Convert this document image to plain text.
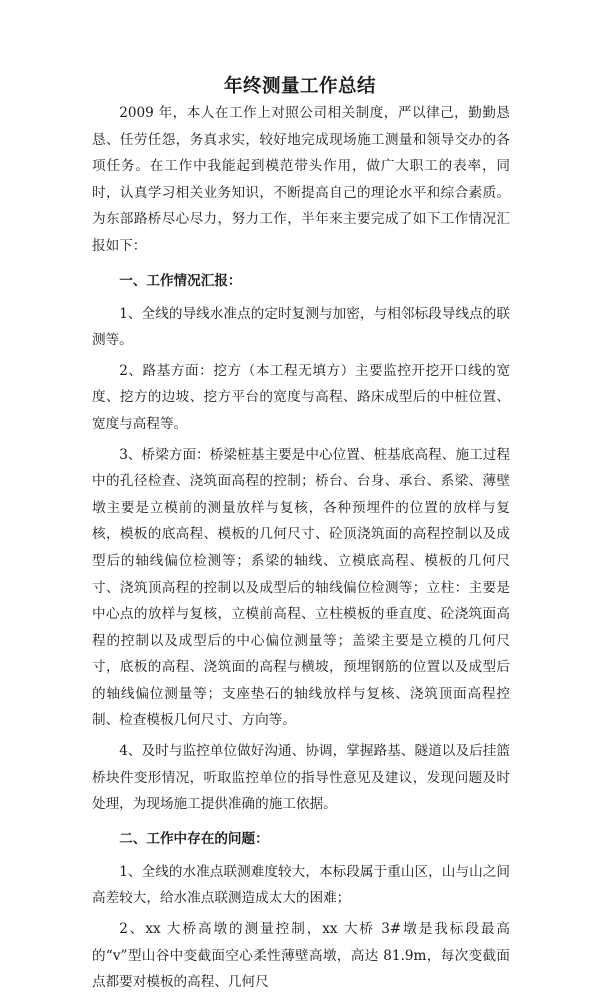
年终测量工作总结

2009 年，本人在工作上对照公司相关制度，严以律己，勤勤恳恳、任劳任怨，务真求实，较好地完成现场施工测量和领导交办的各项任务。在工作中我能起到模范带头作用，做广大职工的表率，同时，认真学习相关业务知识，不断提高自己的理论水平和综合素质。为东部路桥尽心尽力，努力工作，半年来主要完成了如下工作情况汇报如下：

一、工作情况汇报：

1、全线的导线水准点的定时复测与加密，与相邻标段导线点的联测等。

2、路基方面：挖方（本工程无填方）主要监控开挖开口线的宽度、挖方的边坡、挖方平台的宽度与高程、路床成型后的中桩位置、宽度与高程等。

3、桥梁方面：桥梁桩基主要是中心位置、桩基底高程、施工过程中的孔径检查、浇筑面高程的控制；桥台、台身、承台、系梁、薄壁墩主要是立模前的测量放样与复核，各种预埋件的位置的放样与复核，模板的底高程、模板的几何尺寸、砼顶浇筑面的高程控制以及成型后的轴线偏位检测等；系梁的轴线、立模底高程、模板的几何尺寸、浇筑顶高程的控制以及成型后的轴线偏位检测等；立柱：主要是中心点的放样与复核，立模前高程、立柱模板的垂直度、砼浇筑面高程的控制以及成型后的中心偏位测量等；盖梁主要是立模的几何尺寸，底板的高程、浇筑面的高程与横坡，预埋钢筋的位置以及成型后的轴线偏位测量等；支座垫石的轴线放样与复核、浇筑顶面高程控制、检查模板几何尺寸、方向等。

4、及时与监控单位做好沟通、协调，掌握路基、隧道以及后挂篮桥块件变形情况，听取监控单位的指导性意见及建议，发现问题及时处理，为现场施工提供准确的施工依据。

二、工作中存在的问题：

1、全线的水准点联测难度较大，本标段属于重山区，山与山之间高差较大，给水准点联测造成太大的困难；

2、xx 大桥高墩的测量控制，xx 大桥 3#墩是我标段最高的“v”型山谷中变截面空心柔性薄壁高墩，高达 81.9m，每次变截面点都要对模板的高程、几何尺
